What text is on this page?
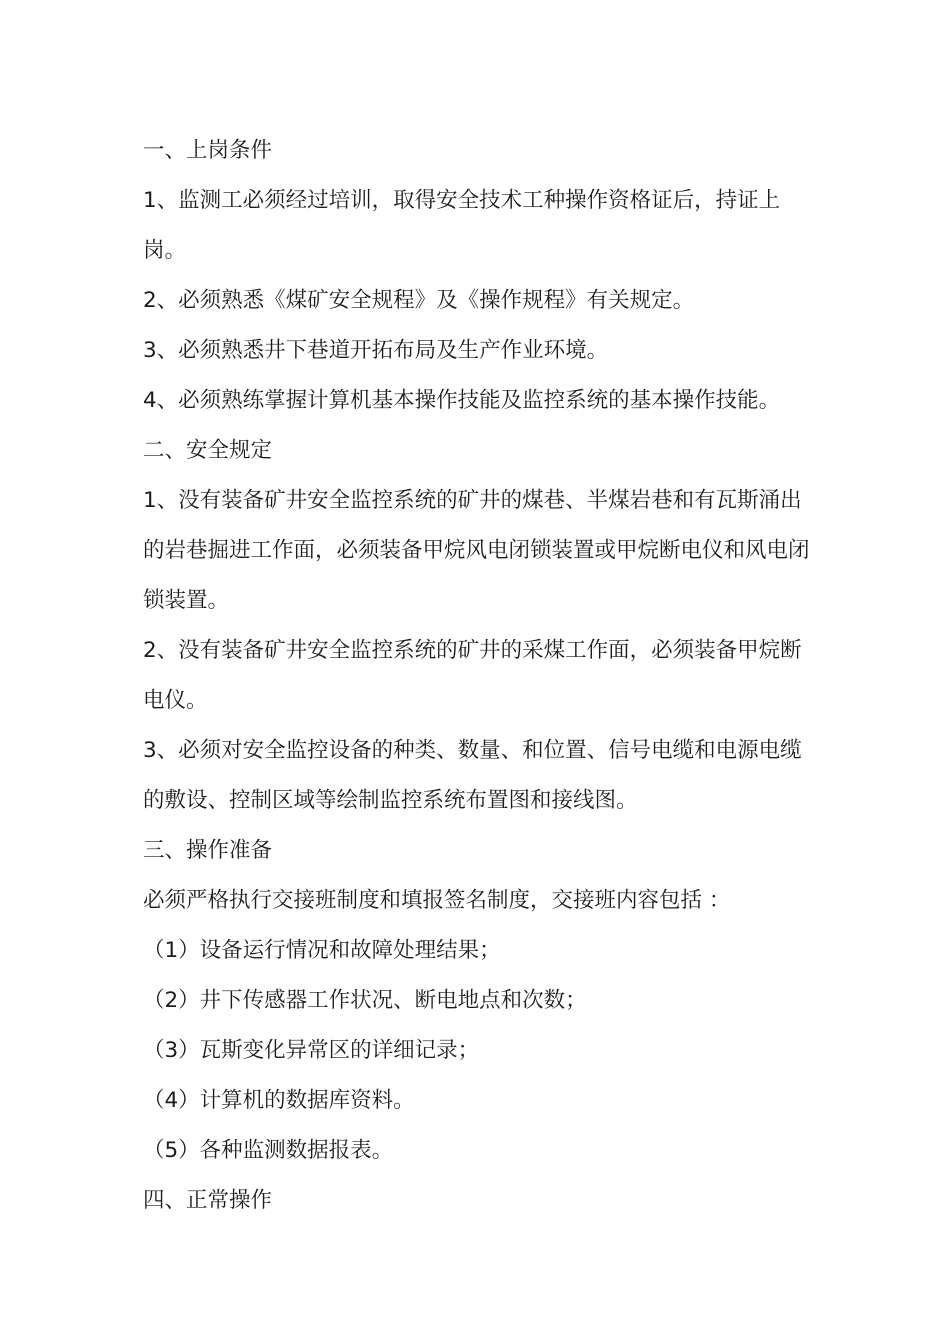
一、上岗条件

1、监测工必须经过培训，取得安全技术工种操作资格证后，持证上岗。

2、必须熟悉《煤矿安全规程》及《操作规程》有关规定。

3、必须熟悉井下巷道开拓布局及生产作业环境。

4、必须熟练掌握计算机基本操作技能及监控系统的基本操作技能。

二、安全规定

1、没有装备矿井安全监控系统的矿井的煤巷、半煤岩巷和有瓦斯涌出的岩巷掘进工作面，必须装备甲烷风电闭锁装置或甲烷断电仪和风电闭锁装置。

2、没有装备矿井安全监控系统的矿井的采煤工作面，必须装备甲烷断电仪。

3、必须对安全监控设备的种类、数量、和位置、信号电缆和电源电缆的敷设、控制区域等绘制监控系统布置图和接线图。

三、操作准备

必须严格执行交接班制度和填报签名制度，交接班内容包括 ：

（1）设备运行情况和故障处理结果；

（2）井下传感器工作状况、断电地点和次数；

（3）瓦斯变化异常区的详细记录；

（4）计算机的数据库资料。

（5）各种监测数据报表。

四、正常操作
